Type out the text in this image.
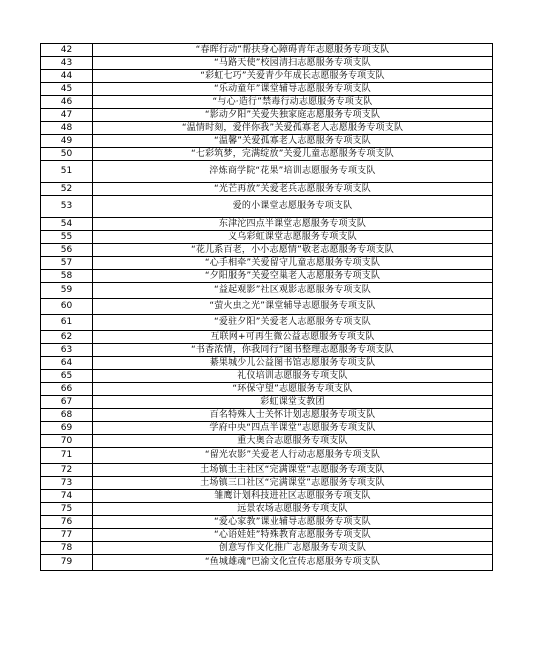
42	“春晖行动”帮扶身心障碍青年志愿服务专项支队
43	“马路天使”校园清扫志愿服务专项支队
44	“彩虹七巧”关爱青少年成长志愿服务专项支队
45	“乐动童年”课堂辅导志愿服务专项支队
46	“与心·造行”禁毒行动志愿服务专项支队
47	“影动夕阳”关爱失独家庭志愿服务专项支队
48	“温情时刻，爱伴你我”关爱孤寡老人志愿服务专项支队
49	“温馨”关爱孤寡老人志愿服务专项支队
50	“七彩筑梦，完满绽放”关爱儿童志愿服务专项支队
51	淬炼商学院“花果”培训志愿服务专项支队
52	“光芒再放”关爱老兵志愿服务专项支队
53	爱的小课堂志愿服务专项支队
54	东津沱四点半课堂志愿服务专项支队
55	义乌彩虹课堂志愿服务专项支队
56	“花儿系百老，小小志愿情”敬老志愿服务专项支队
57	“心手相牵”关爱留守儿童志愿服务专项支队
58	“夕阳服务”关爱空巢老人志愿服务专项支队
59	“益起观影”社区观影志愿服务专项支队
60	“萤火虫之光”课堂辅导志愿服务专项支队
61	“爱驻夕阳”关爱老人志愿服务专项支队
62	互联网+可再生微公益志愿服务专项支队
63	“书香浓情，你我同行”图书整理志愿服务专项支队
64	綦果城少儿公益图书馆志愿服务专项支队
65	礼仪培训志愿服务专项支队
66	“环保守望”志愿服务专项支队
67	彩虹课堂支教团
68	百名特殊人士关怀计划志愿服务专项支队
69	学府中央“四点半课堂”志愿服务专项支队
70	重大奥合志愿服务专项支队
71	“留光农影”关爱老人行动志愿服务专项支队
72	土场镇土主社区“完满课堂”志愿服务专项支队
73	土场镇三口社区“完满课堂”志愿服务专项支队
74	雏鹰计划科技进社区志愿服务专项支队
75	远景农场志愿服务专项支队
76	“爱心家教”课业辅导志愿服务专项支队
77	“心语娃娃”特殊教育志愿服务专项支队
78	创意写作文化推广志愿服务专项支队
79	“鱼城雄魂”巴渝文化宣传志愿服务专项支队
